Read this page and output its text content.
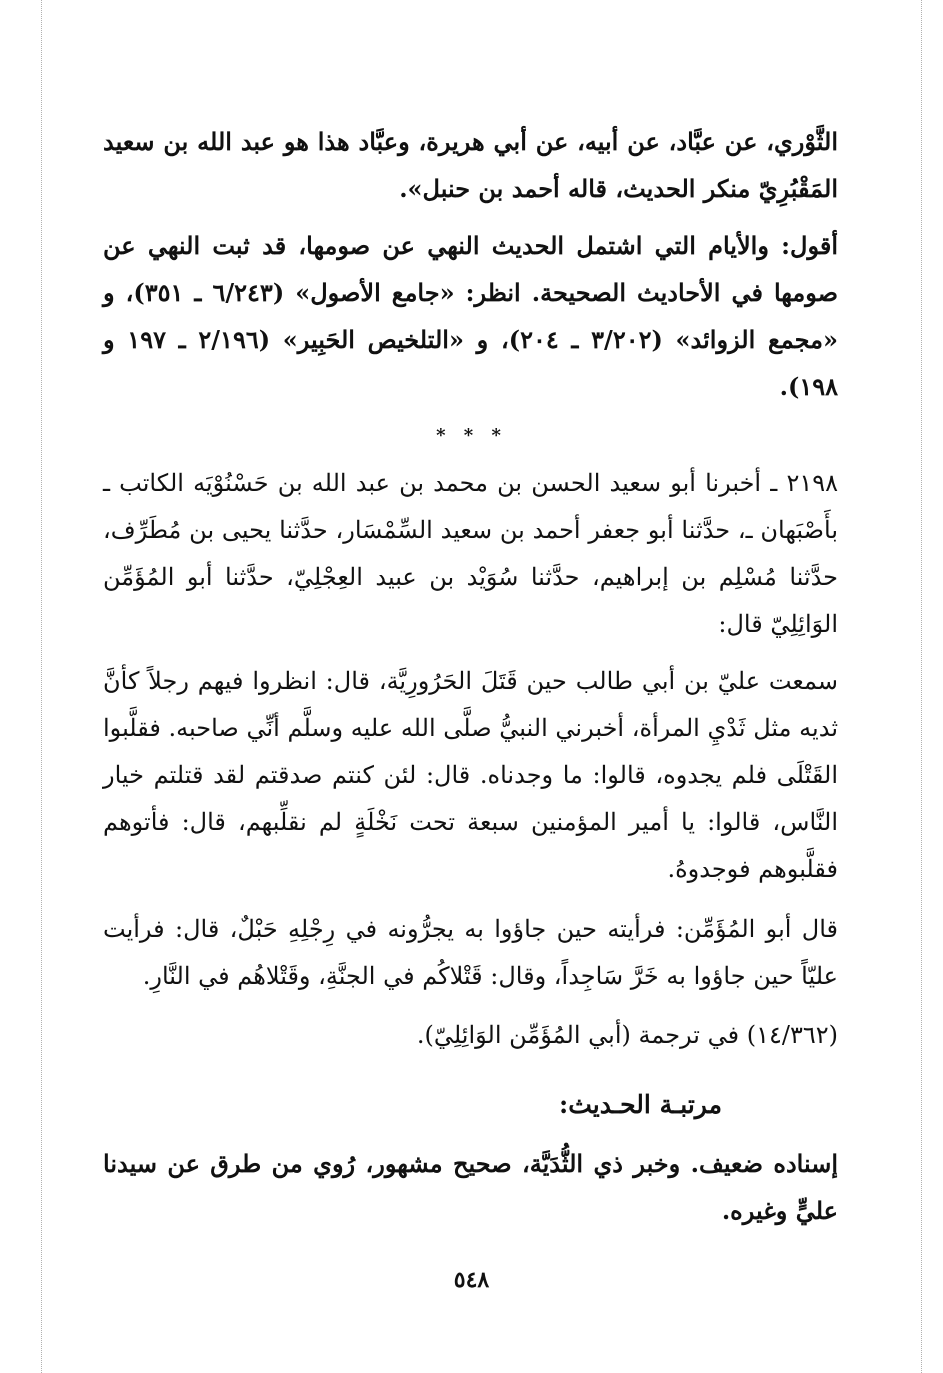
الثَّوْري، عن عبَّاد، عن أبيه، عن أبي هريرة، وعبَّاد هذا هو عبد الله بن سعيد المَقْبُرِيّ منكر الحديث، قاله أحمد بن حنبل».

أقول: والأيام التي اشتمل الحديث النهي عن صومها، قد ثبت النهي عن صومها في الأحاديث الصحيحة. انظر: «جامع الأصول» (٦/٢٤٣ ـ ٣٥١)، و «مجمع الزوائد» (٣/٢٠٢ ـ ٢٠٤)، و «التلخيص الحَبِير» (٢/١٩٦ ـ ١٩٧ و ١٩٨).

* * *

٢١٩٨ ـ أخبرنا أبو سعيد الحسن بن محمد بن عبد الله بن حَسْنُوْيَه الكاتب ـ بأَصْبَهان ـ، حدَّثنا أبو جعفر أحمد بن سعيد السِّمْسَار، حدَّثنا يحيى بن مُطَرِّف، حدَّثنا مُسْلِم بن إبراهيم، حدَّثنا سُوَيْد بن عبيد العِجْلِيّ، حدَّثنا أبو المُؤَمِّن الوَائِلِيّ قال:

سمعت عليّ بن أبي طالب حين قَتَلَ الحَرُورِيَّة، قال: انظروا فيهم رجلاً كأنَّ ثديه مثل ثَدْيِ المرأة، أخبرني النبيُّ صلَّى الله عليه وسلَّم أنِّي صاحبه. فقلَّبوا القَتْلَى فلم يجدوه، قالوا: ما وجدناه. قال: لئن كنتم صدقتم لقد قتلتم خيار النَّاس، قالوا: يا أمير المؤمنين سبعة تحت نَخْلَةٍ لم نقلِّبهم، قال: فأتوهم فقلَّبوهم فوجدوهُ.

قال أبو المُؤَمِّن: فرأيته حين جاؤوا به يجرُّونه في رِجْلِهِ حَبْلٌ، قال: فرأيت عليّاً حين جاؤوا به خَرَّ سَاجِداً، وقال: قَتْلاكُم في الجنَّةِ، وقَتْلاهُم في النَّارِ.

(١٤/٣٦٢) في ترجمة (أبي المُؤَمِّن الوَائِلِيّ).

مرتبـة الحـديث:

إسناده ضعيف. وخبر ذي الثُّدَيَّة، صحيح مشهور، رُوي من طرق عن سيدنا عليٍّ وغيره.

٥٤٨
